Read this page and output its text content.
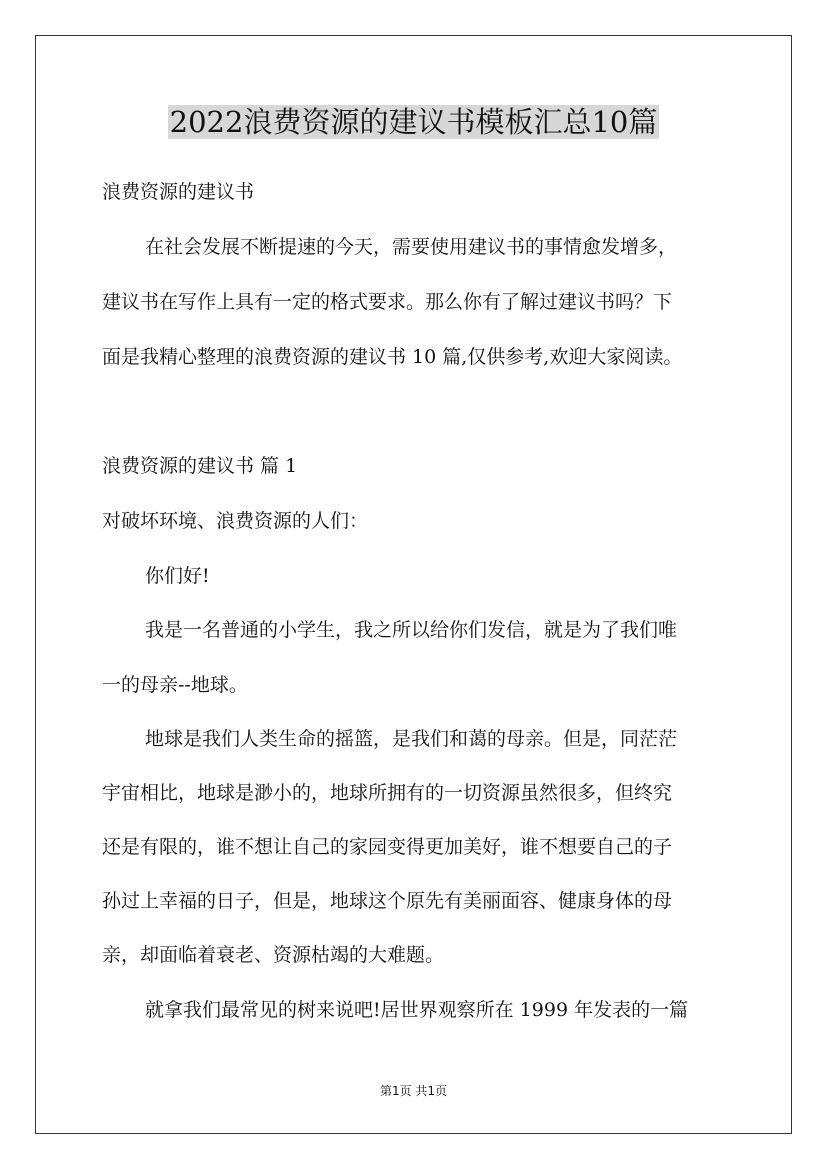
2022浪费资源的建议书模板汇总10篇

浪费资源的建议书

在社会发展不断提速的今天，需要使用建议书的事情愈发增多，

建议书在写作上具有一定的格式要求。那么你有了解过建议书吗？下

面是我精心整理的浪费资源的建议书 10 篇,仅供参考,欢迎大家阅读。

浪费资源的建议书 篇 1

对破坏环境、浪费资源的人们：

你们好!

我是一名普通的小学生，我之所以给你们发信，就是为了我们唯

一的母亲--地球。

地球是我们人类生命的摇篮，是我们和蔼的母亲。但是，同茫茫

宇宙相比，地球是渺小的，地球所拥有的一切资源虽然很多，但终究

还是有限的，谁不想让自己的家园变得更加美好，谁不想要自己的子

孙过上幸福的日子，但是，地球这个原先有美丽面容、健康身体的母

亲，却面临着衰老、资源枯竭的大难题。

就拿我们最常见的树来说吧!居世界观察所在 1999 年发表的一篇

第1页 共1页
